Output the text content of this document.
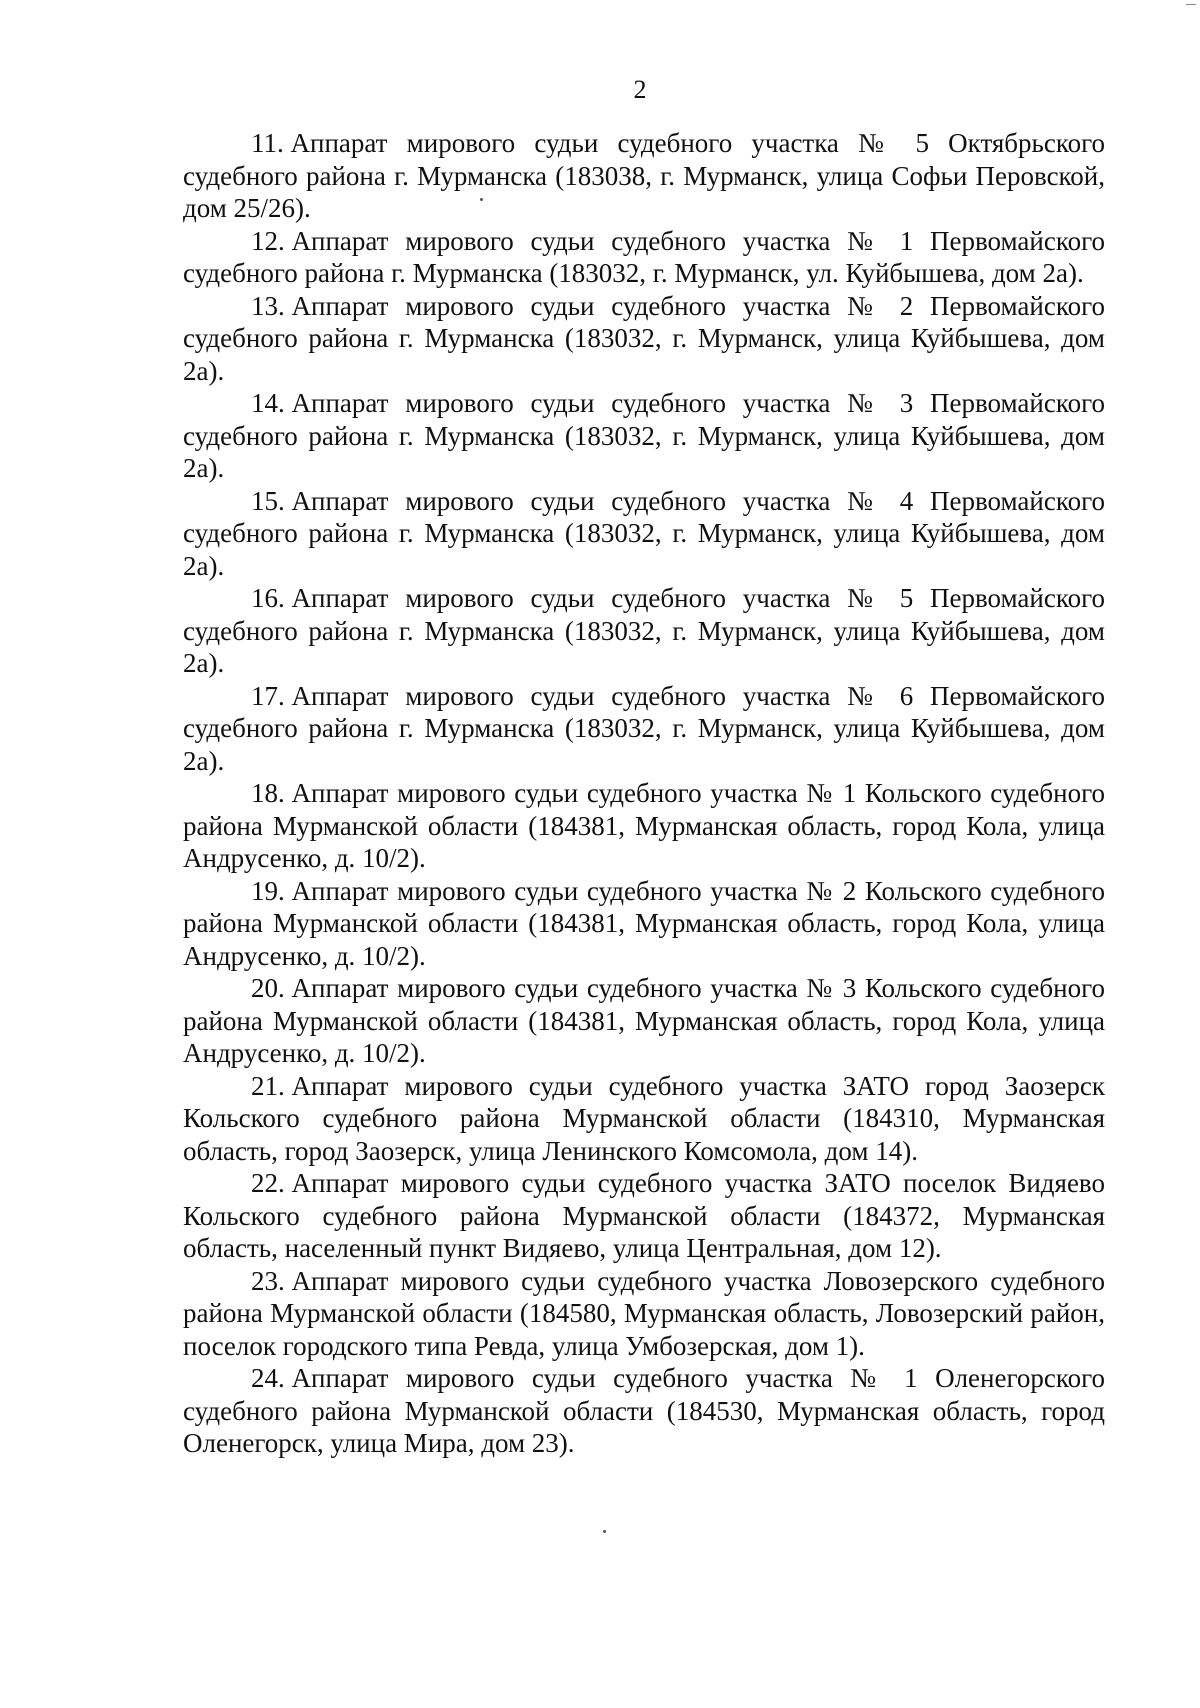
2

11. Аппарат мирового судьи судебного участка № 5 Октябрьского судебного района г. Мурманска (183038, г. Мурманск, улица Софьи Перовской, дом 25/26).

12. Аппарат мирового судьи судебного участка № 1 Первомайского судебного района г. Мурманска (183032, г. Мурманск, ул. Куйбышева, дом 2а).

13. Аппарат мирового судьи судебного участка № 2 Первомайского судебного района г. Мурманска (183032, г. Мурманск, улица Куйбышева, дом 2а).

14. Аппарат мирового судьи судебного участка № 3 Первомайского судебного района г. Мурманска (183032, г. Мурманск, улица Куйбышева, дом 2а).

15. Аппарат мирового судьи судебного участка № 4 Первомайского судебного района г. Мурманска (183032, г. Мурманск, улица Куйбышева, дом 2а).

16. Аппарат мирового судьи судебного участка № 5 Первомайского судебного района г. Мурманска (183032, г. Мурманск, улица Куйбышева, дом 2а).

17. Аппарат мирового судьи судебного участка № 6 Первомайского судебного района г. Мурманска (183032, г. Мурманск, улица Куйбышева, дом 2а).

18. Аппарат мирового судьи судебного участка № 1 Кольского судебного района Мурманской области (184381, Мурманская область, город Кола, улица Андрусенко, д. 10/2).

19. Аппарат мирового судьи судебного участка № 2 Кольского судебного района Мурманской области (184381, Мурманская область, город Кола, улица Андрусенко, д. 10/2).

20. Аппарат мирового судьи судебного участка № 3 Кольского судебного района Мурманской области (184381, Мурманская область, город Кола, улица Андрусенко, д. 10/2).

21. Аппарат мирового судьи судебного участка ЗАТО город Заозерск Кольского судебного района Мурманской области (184310, Мурманская область, город Заозерск, улица Ленинского Комсомола, дом 14).

22. Аппарат мирового судьи судебного участка ЗАТО поселок Видяево Кольского судебного района Мурманской области (184372, Мурманская область, населенный пункт Видяево, улица Центральная, дом 12).

23. Аппарат мирового судьи судебного участка Ловозерского судебного района Мурманской области (184580, Мурманская область, Ловозерский район, поселок городского типа Ревда, улица Умбозерская, дом 1).

24. Аппарат мирового судьи судебного участка № 1 Оленегорского судебного района Мурманской области (184530, Мурманская область, город Оленегорск, улица Мира, дом 23).
